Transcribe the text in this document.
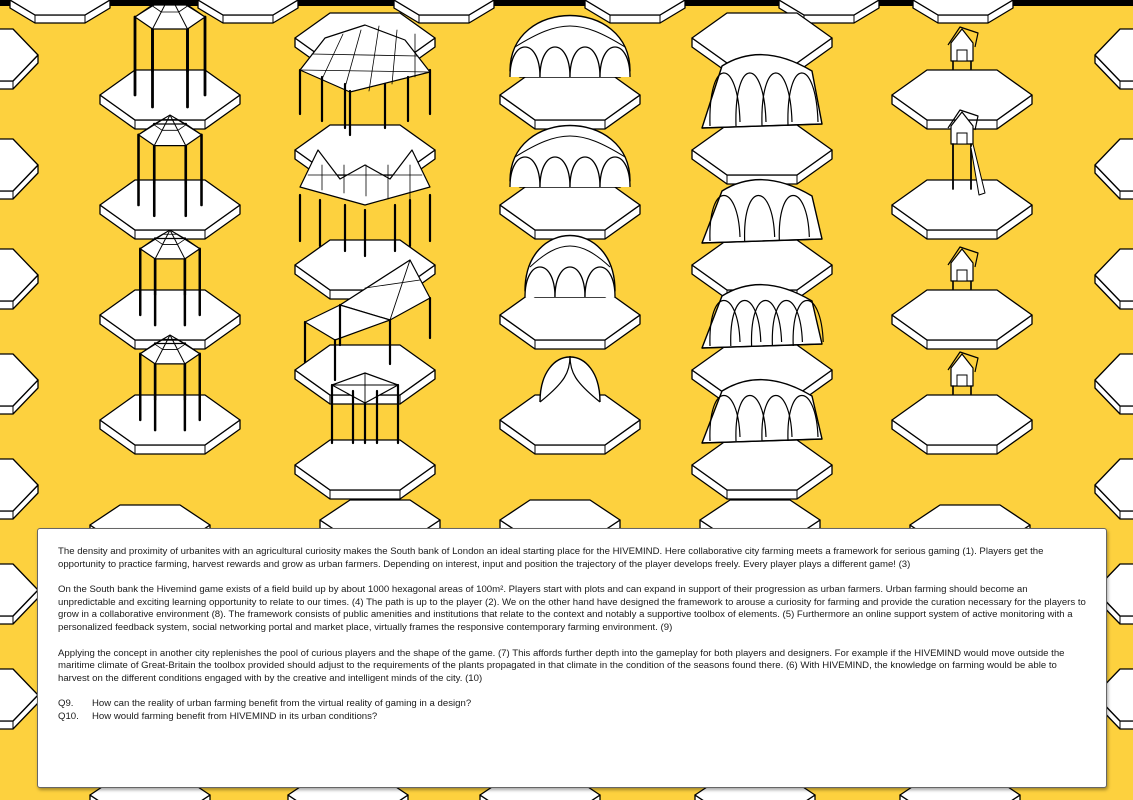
The density and proximity of urbanites with an agricultural curiosity makes the South bank of London an ideal starting place for the HIVEMIND. Here collaborative city farming meets a framework for serious gaming (1). Players get the opportunity to practice farming, harvest rewards and grow as urban farmers. Depending on interest, input and position the trajectory of the player develops freely. Every player plays a different game! (3)

On the South bank the Hivemind game exists of a field build up by about 1000 hexagonal areas of 100m². Players start with plots and can expand in support of their progression as urban farmers. Urban farming should become an unpredictable and exciting learning opportunity to relate to our times. (4) The path is up to the player (2). We on the other hand have designed the framework to arouse a curiosity for farming and provide the curation necessary for the players to grow in a collaborative environment (8). The framework consists of public amenities and institutions that relate to the context and notably a supportive toolbox of elements. (5) Furthermore an online support system of active monitoring with a personalized feedback system, social networking portal and market place, virtually frames the responsive contemporary farming environment. (9)

Applying the concept in another city replenishes the pool of curious players and the shape of the game. (7) This affords further depth into the gameplay for both players and designers. For example if the HIVEMIND would move outside the maritime climate of Great-Britain the toolbox provided should adjust to the requirements of the plants propagated in that climate in the condition of the seasons found there. (6) With HIVEMIND, the knowledge on farming would be able to harvest on the different conditions engaged with by the creative and intelligent minds of the city. (10)

Q9.	How can the reality of urban farming benefit from the virtual reality of gaming in a design?
Q10.	How would farming benefit from HIVEMIND in its urban conditions?
